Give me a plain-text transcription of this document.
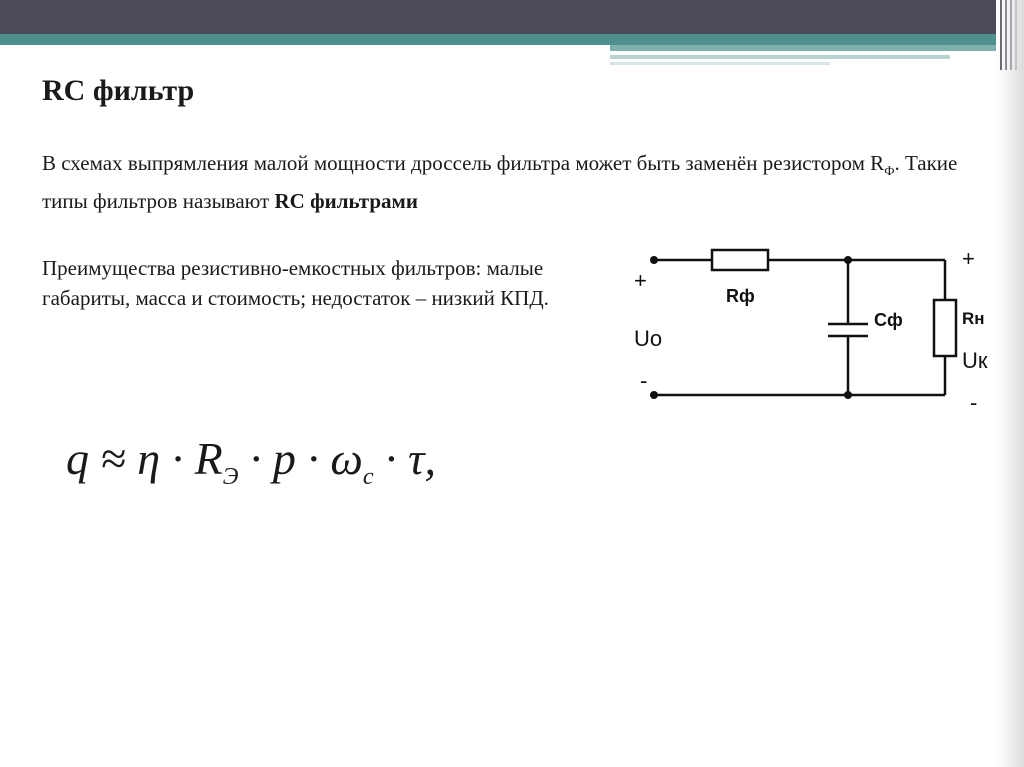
RC фильтр

В схемах выпрямления малой мощности дроссель фильтра может быть заменён резистором $R_Ф$. Такие типы фильтров называют RC фильтрами

Преимущества резистивно-емкостных фильтров: малые габариты, масса и стоимость; недостаток – низкий КПД.

$q \approx \eta \cdot R_Э \cdot p \cdot \omega_c \cdot \tau$,
+
-
Uo
Rф
Cф	Rн
+
-
Uк
